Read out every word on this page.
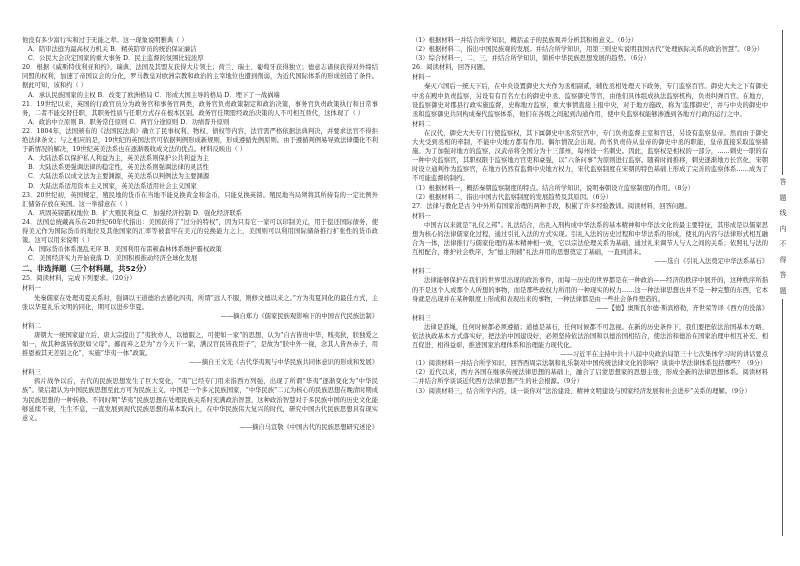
他没有多少富行实和过于无能之辈。这一现象说明雅典（ ）

A．陪审法庭为最高权力机关 B．精英陪审员的统治保证廉洁

C．公民大会决定国家的重大事务 D．民主监督的氛围比较浓厚

20．根据《威斯特伐利亚和约》，瑞典、法国及其盟友获得大片领土；荷兰、瑞士、葡萄牙获得独立；德意志诸侯获得对外缔结同盟的权利，加速了帝国议会的分化，罗马教皇对欧洲宗教和政治的主宰地位也遭到削弱，为近代国际体系的形成创造了条件。据此可知，该和约（ ）

A．承认民族国家的主权 B．改变了欧洲格局 C．形成大国主导的格局 D．埋下了一战祸端

21．19世纪以来，英国的行政官员分为政务官和事务官两类，政务官负责政策制定和政治决策，事务官负责政策执行和日常事务，二者不能交替任职，其职务性质与任职方式存在根本区别。政务官任期需经政治决策的人不可相互替代，这体现了（ ）

A．政治中立原则 B．职务常任原则 C．两官分途原则 D．功绩晋升原则

22．1804年，法国颁布的《法国民法典》确立了民事权利、物权、债权等内容，法官需严格依据法典判决，并要求法官不得拒绝法律条文；与之相应的是，19世纪的英国法官可依据判例形成新规则，形成遵循先例原则。由于遵循判例易导致法律僵化不利于新情况的解决，19世纪英美法系也在逐渐吸收成文法的优点。材料反映出（ ）

A．大陆法系以保护私人利益为主，英美法系则保护公共利益为主

B．大陆法系更强调法律的稳定性，英美法系则强调法律的灵活性

C．大陆法系以成文法为主要渊源，英美法系以判例法为主要渊源

D．大陆法系适用资本主义国家，英美法系适用社会主义国家

23．20世纪初，英国规定，殖民地的货币在当地不能兑换黄金和金币，只能兑换英镑。殖民地当局须将其所持有的一定比例外汇储备存放在英国。这一举措意在（ ）

A．巩固英镑霸权地位 B．扩大殖民利益 C．加强经济控制 D．强化经济联系

24．法国总统戴高乐在20世纪60年代指出：美国获得了“过分的特权”，因为只有它一家可以印制美元，用于偿还国际债务，使得美元作为国际货币的地位及其他国家的汇率等被套牢在美元的兑换能力之上，美国则可以利用国际储备推行扩张性的货币政策。这可以用来说明（ ）

A．国际货币体系混乱无序 B．美国利用布雷顿森林体系维护霸权政策

C．美国经济实力开始衰落 D．美国积极推动经济全球化发展

二、非选择题（三个材料题，共52分）

25．阅读材料，完成下列要求。（20分）

材料一

先秦儒家在处理夷夏关系时，强调以王道德治去感化四夷，所谓“远人不服，则修文德以来之。”方为夷夏同化的最佳方式，主张以华夏礼乐文明的同化，期可以进步华夏。

——摘自郑力《儒家民族观影响下的中国古代民族法制》

材料二

唐朝大一统国家建立后，唐太宗提出了“夷狄亦人，以德服之，可使如一家”的思想，认为“自古皆贵中华，贱夷狄，朕独爱之如一，故其种落皆依朕如父母”。鄙而弃之是为“方今天下一家，满汉官民皆我臣子”，是故为“朕中外一视，念其人皆吾赤子，用推恩被其无差别之化”，实施“华夷一体”政策。

——摘自王文光《古代华夷观与中华民族共同体意识的形成和发展》

材料三

鸦片战争以后，古代的民族思想发生了巨大变化，“夷”已经专门用来指西方列强，出现了所谓“华夷”逐渐变化为“中华民族”。梁启超认为中国民族思想至此方可为民族主义，中国是一个多元民族国家，“中华民族”二元为核心的民族思想在晚清时期成为民族思想的一种转换。不同时期“华夷”民族思想在处理民族关系时充满政治智慧，这种政治智慧对于多民族中国的历史文化能够延续不衰，生生不息，一直发展到现代民族思想的基本取向上，在中华民族伟大复兴的时代，研究中国古代民族思想具有现实意义。

——摘自马宣敬《中国古代的民族思想研究述论》

（1）根据材料一并结合所学知识，概括孟子的民族观并分析其积极意义。（6分）

（2）根据材料二，指出中国民族观的发展。并结合所学知识，用第三则史实说明我国古代“处理族际关系的政治智慧”。（8分）

（3）综合材料一、二、三，并结合所学知识，简析中华民族思想发展的趋势。（6分）

26．阅读材料，回答问题。

材料一

秦灭六国后一统天下后，在中央设置御史大夫作为丞相副贰，辅佐丞相处理天下政务，专门监察百官。御史大夫之下有御史中丞在殿中负责监察，另设有有百名左右的御史中丞、监察御史等官，由他们具体组成执法监察机构，负责纠弹百官。在地方，设监察御史对郡县行政实施监督，史称地方监察，重大事情直接上报中央，对于地方施政，称为‘监郡御史’，并与中央的御史中丞和监察御史共同构成秦代监察体系，他们在各级之间起到沟通作用，使中央监察权能够渗透到各地方行政的运行之中。

材料二

在汉代，御史大夫专门行使监察权，其下属御史中丞常驻宫中，专门负责监督主室和宫廷，另设有监察皇帝。然而由于御史大夫受到丞相的牵制，不能中央地方都有作用。偶尔情况会出现。尚书负责侍从皇帝的御史中丞的职能，皇帝直接采取监察措施。为了加强对地方的监察，汉武帝将全国分为十三部州，每州设一名刺史。因此，监察权是相权的一部分，……刺史一职的有一种中央监察官，其职权限于监察地方官吏和豪强，以“六条问事”为原则进行监察。随着时间推移，刺史逐渐地方长官化，宋朝时设立通判作为监察官，在地方仍然有监督中央地方权力，宋代监察制度在宋朝的特色基础上形成了完善的监察体系……成为了不可能监督的制约。

（1）根据材料一，概括秦朝监察制度的特点。结合所学知识，说明秦朝设立监察制度的作用。（8分）

（2）根据材料二，指出中国古代监察制度的发展趋势及其原因。（6分）

27．法律与教化是古今中外所有国家治理的两种手段，积累了许多经验教训。阅读材料，回答问题。

材料一

中国古以来就是“礼仪之邦”。礼法结合，出礼入刑构成中华法系的基本精神和中华法文化的最主要特征，其形成是以儒家思想为核心的法律儒家化过程，通过引礼入法的方式实现。引礼入法的历史过程和中华法系的形成，使礼的内容与法律形式相互融合为一体，法律推行与儒家伦理的基本精神相一致，它以宗法伦理关系为基础，通过礼来调节人与人之间的关系；依照礼与法的互相配合，维护社会秩序，为“德主刑辅”礼法并用的思想奠定了基础，一直到清末。

——选自《引礼入法奠定中华法系基石》

材料二

法律能够保护在我们的世界里出现的政治事件，而每一历史的世界都是在一种政治——经济的秩序中展开的，这种秩序所指的不是这个人或那个人所想的事物，而是那些政权力所用的一种现实的权力……这一种法律思想也并不是一种完整的东西，它本身就是出现并在某种限度上形成和表现出来的事物，一种法律都是由一些社会条件塑造的。

——【德】奥斯瓦尔德·斯宾格勒，齐世荣等译《西方的没落》

材料三

法律是准绳，任何时候都必须遵循；道德是基石，任何时候都不可忽视。在新的历史条件下，我们要把依法治国基本方略、依法执政基本方式落实好，把法治中国建设好，必须坚持依法治国和以德治国相结合，使法治和德治在国家治理中相互补充、相互促进、相得益彰，推进国家治理体系和治理能力现代化。

——习近平在主持中共十八届中央政治局第三十七次集体学习时的讲话要点

（1）阅读材料一并结合所学知识，回答西周宗法制和礼乐制对中国传统法律文化的影响？谈谈中华法律体系包括哪些？（9分）

（2）近代以来，西方各国在继承传统法律思想的基础上，融合了启蒙思想家的思想主张，形成全新的法律思想体系。阅读材料二并结合所学谈谈近代西方法律思想产生的社会根源。（9分）

（3）阅读材料三，结合所学内容，谈一谈你对“法治建设、精神文明建设与国家经济发展和社会进步”关系的理解。（9分）

答
题
线
内
不
得
答
题
